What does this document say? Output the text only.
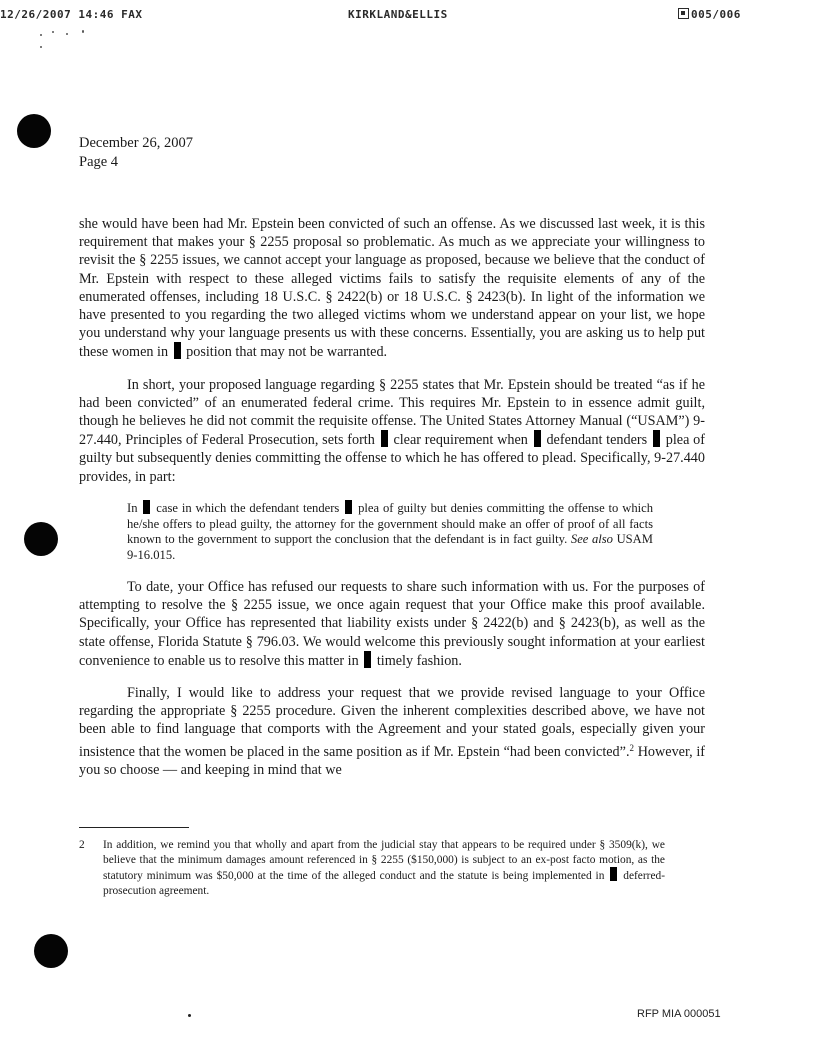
12/26/2007 14:46 FAX	KIRKLAND&ELLIS	005/006
December 26, 2007
Page 4

she would have been had Mr. Epstein been convicted of such an offense. As we discussed last week, it is this requirement that makes your § 2255 proposal so problematic. As much as we appreciate your willingness to revisit the § 2255 issues, we cannot accept your language as proposed, because we believe that the conduct of Mr. Epstein with respect to these alleged victims fails to satisfy the requisite elements of any of the enumerated offenses, including 18 U.S.C. § 2422(b) or 18 U.S.C. § 2423(b). In light of the information we have presented to you regarding the two alleged victims whom we understand appear on your list, we hope you understand why your language presents us with these concerns. Essentially, you are asking us to help put these women in position that may not be warranted.

In short, your proposed language regarding § 2255 states that Mr. Epstein should be treated “as if he had been convicted” of an enumerated federal crime. This requires Mr. Epstein to in essence admit guilt, though he believes he did not commit the requisite offense. The United States Attorney Manual (“USAM”) 9-27.440, Principles of Federal Prosecution, sets forth clear requirement when defendant tenders plea of guilty but subsequently denies committing the offense to which he has offered to plead. Specifically, 9-27.440 provides, in part:

In case in which the defendant tenders plea of guilty but denies committing the offense to which he/she offers to plead guilty, the attorney for the government should make an offer of proof of all facts known to the government to support the conclusion that the defendant is in fact guilty. See also USAM 9-16.015.

To date, your Office has refused our requests to share such information with us. For the purposes of attempting to resolve the § 2255 issue, we once again request that your Office make this proof available. Specifically, your Office has represented that liability exists under § 2422(b) and § 2423(b), as well as the state offense, Florida Statute § 796.03. We would welcome this previously sought information at your earliest convenience to enable us to resolve this matter in timely fashion.

Finally, I would like to address your request that we provide revised language to your Office regarding the appropriate § 2255 procedure. Given the inherent complexities described above, we have not been able to find language that comports with the Agreement and your stated goals, especially given your insistence that the women be placed in the same position as if Mr. Epstein “had been convicted”.$^2$ However, if you so choose — and keeping in mind that we

2 In addition, we remind you that wholly and apart from the judicial stay that appears to be required under § 3509(k), we believe that the minimum damages amount referenced in § 2255 ($150,000) is subject to an ex-post facto motion, as the statutory minimum was $50,000 at the time of the alleged conduct and the statute is being implemented in deferred-prosecution agreement.
RFP MIA 000051
